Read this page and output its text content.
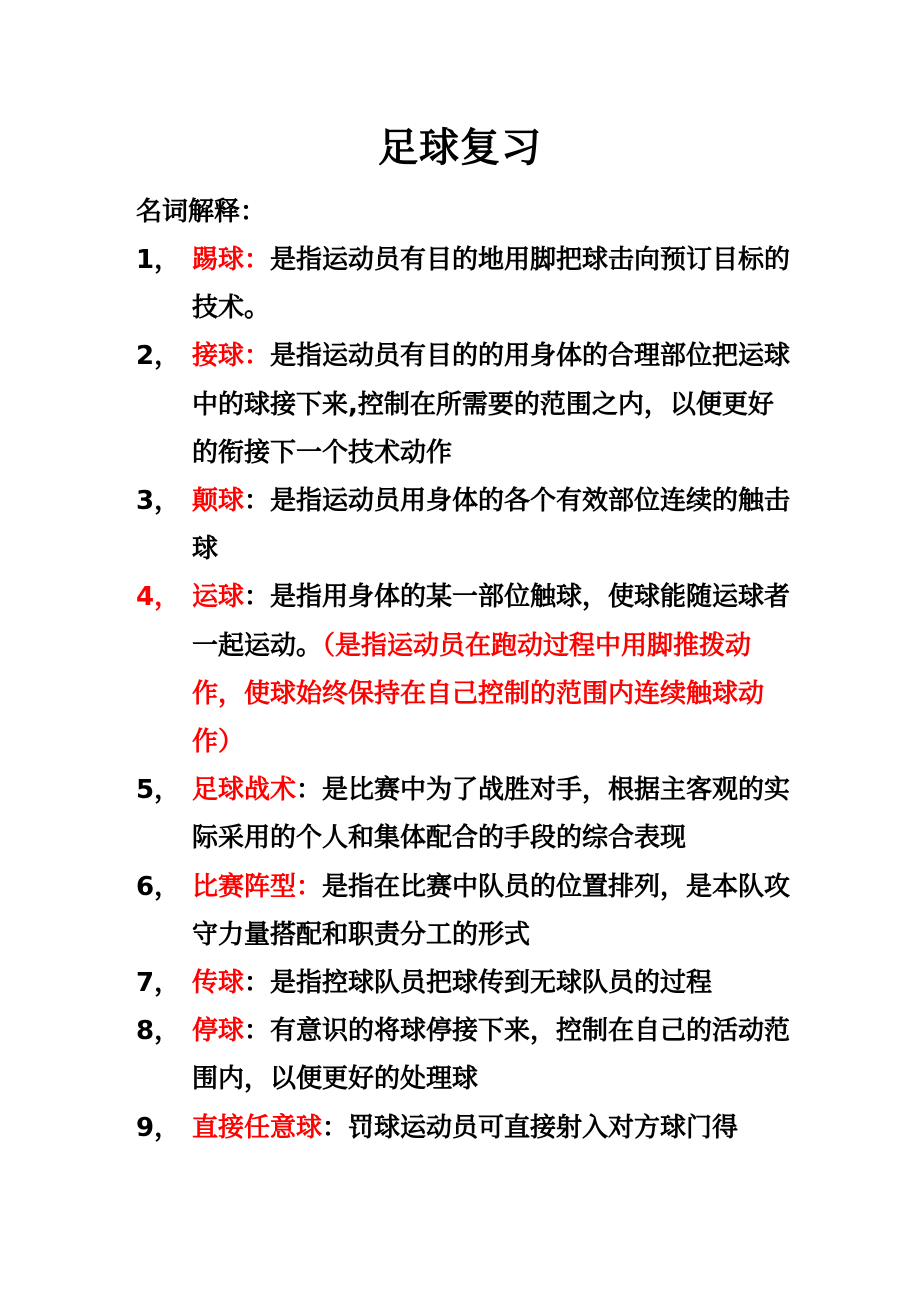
足球复习
名词解释：
1， 踢球：是指运动员有目的地用脚把球击向预订目标的技术。
2， 接球：是指运动员有目的的用身体的合理部位把运球中的球接下来,控制在所需要的范围之内，以便更好的衔接下一个技术动作
3， 颠球：是指运动员用身体的各个有效部位连续的触击球
4， 运球：是指用身体的某一部位触球，使球能随运球者一起运动。（是指运动员在跑动过程中用脚推拨动作，使球始终保持在自己控制的范围内连续触球动作）
5， 足球战术：是比赛中为了战胜对手，根据主客观的实际采用的个人和集体配合的手段的综合表现
6， 比赛阵型：是指在比赛中队员的位置排列，是本队攻守力量搭配和职责分工的形式
7， 传球：是指控球队员把球传到无球队员的过程
8， 停球：有意识的将球停接下来，控制在自己的活动范围内，以便更好的处理球
9， 直接任意球：罚球运动员可直接射入对方球门得
